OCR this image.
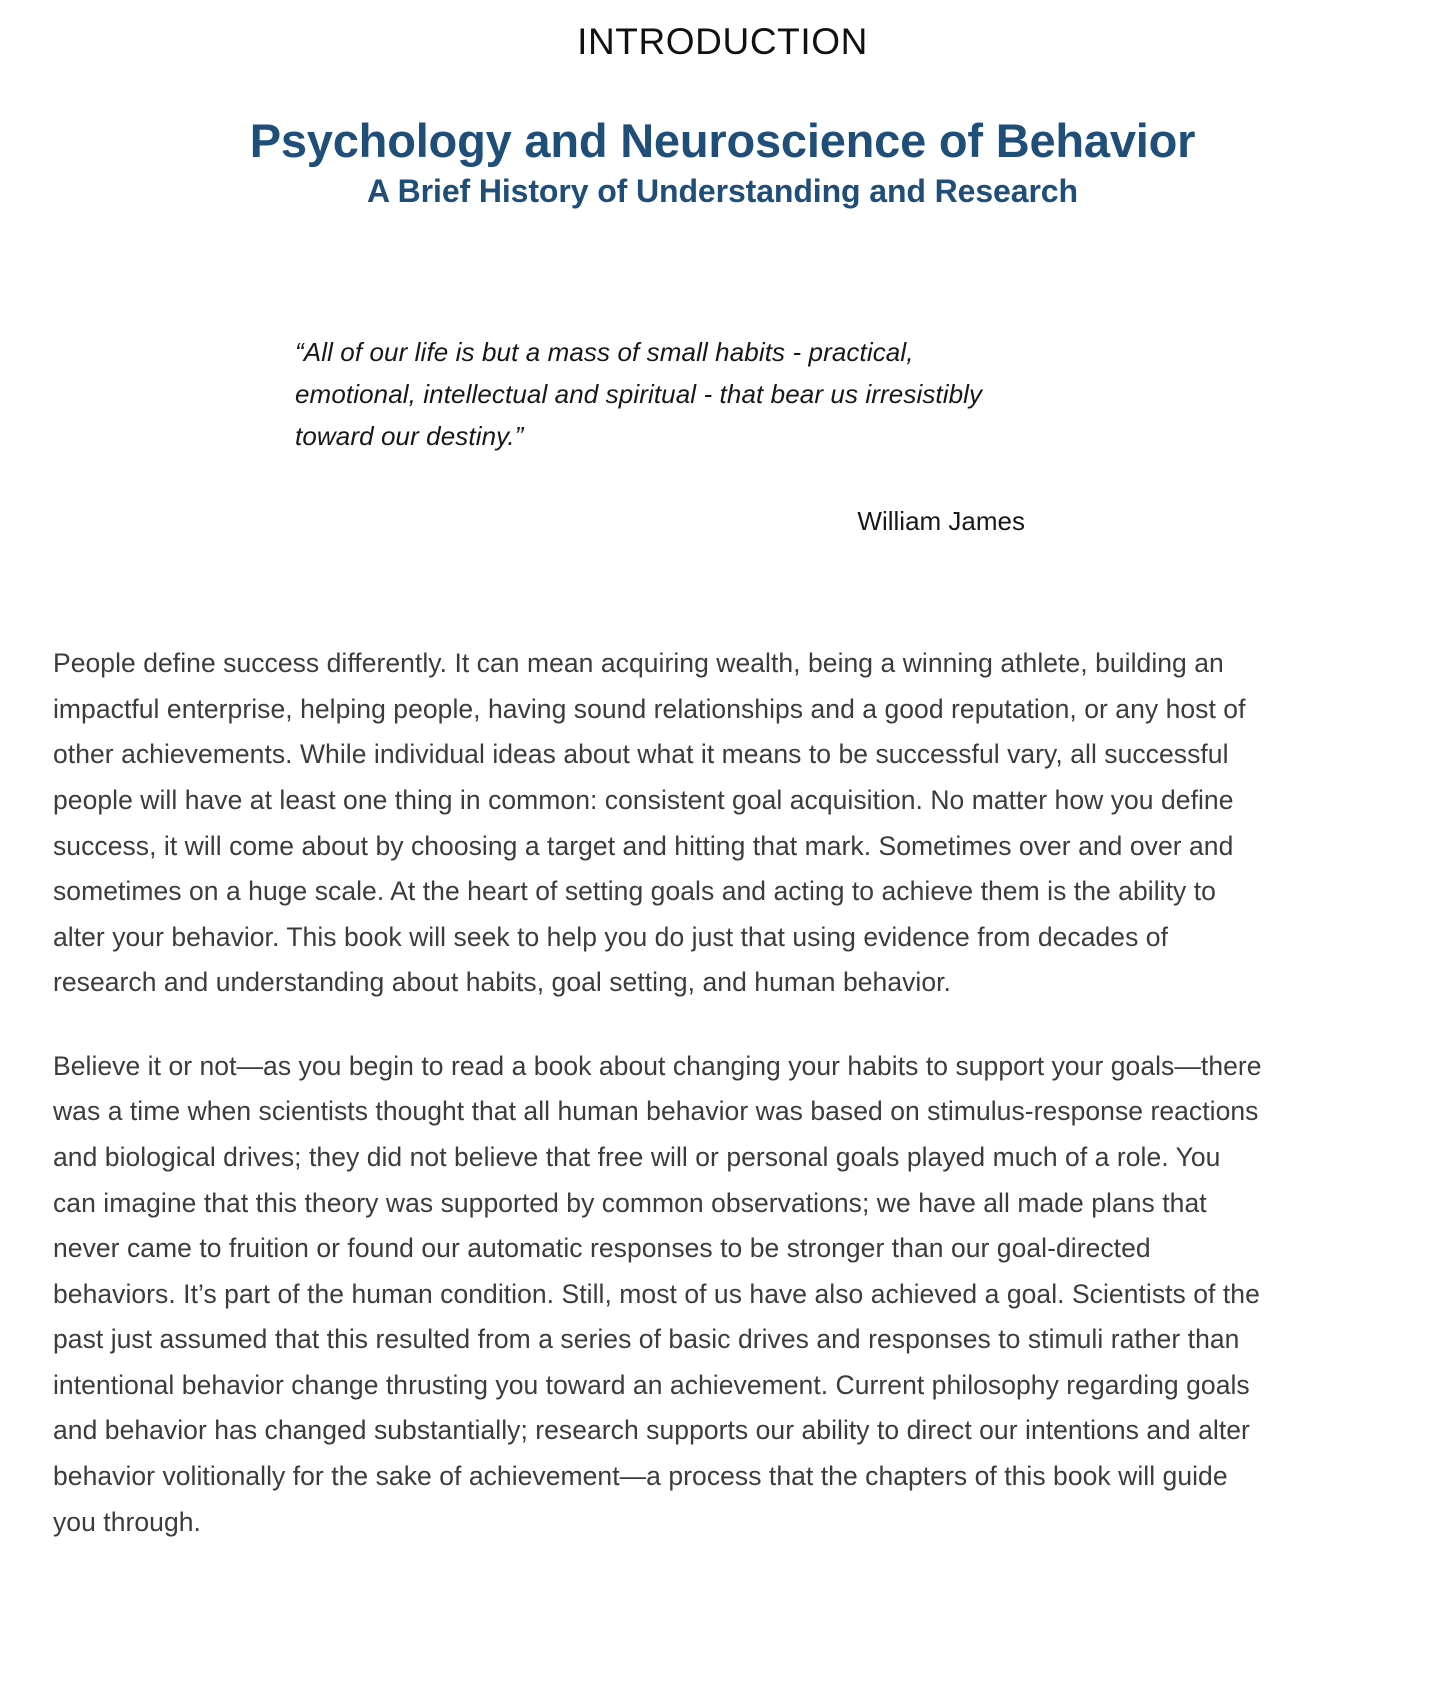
INTRODUCTION
Psychology and Neuroscience of Behavior
A Brief History of Understanding and Research
“All of our life is but a mass of small habits - practical, emotional, intellectual and spiritual - that bear us irresistibly toward our destiny.”
William James

People define success differently. It can mean acquiring wealth, being a winning athlete, building an impactful enterprise, helping people, having sound relationships and a good reputation, or any host of other achievements. While individual ideas about what it means to be successful vary, all successful people will have at least one thing in common: consistent goal acquisition. No matter how you define success, it will come about by choosing a target and hitting that mark. Sometimes over and over and sometimes on a huge scale. At the heart of setting goals and acting to achieve them is the ability to alter your behavior. This book will seek to help you do just that using evidence from decades of research and understanding about habits, goal setting, and human behavior.

Believe it or not—as you begin to read a book about changing your habits to support your goals—there was a time when scientists thought that all human behavior was based on stimulus-response reactions and biological drives; they did not believe that free will or personal goals played much of a role. You can imagine that this theory was supported by common observations; we have all made plans that never came to fruition or found our automatic responses to be stronger than our goal-directed behaviors. It’s part of the human condition. Still, most of us have also achieved a goal. Scientists of the past just assumed that this resulted from a series of basic drives and responses to stimuli rather than intentional behavior change thrusting you toward an achievement. Current philosophy regarding goals and behavior has changed substantially; research supports our ability to direct our intentions and alter behavior volitionally for the sake of achievement—a process that the chapters of this book will guide you through.
